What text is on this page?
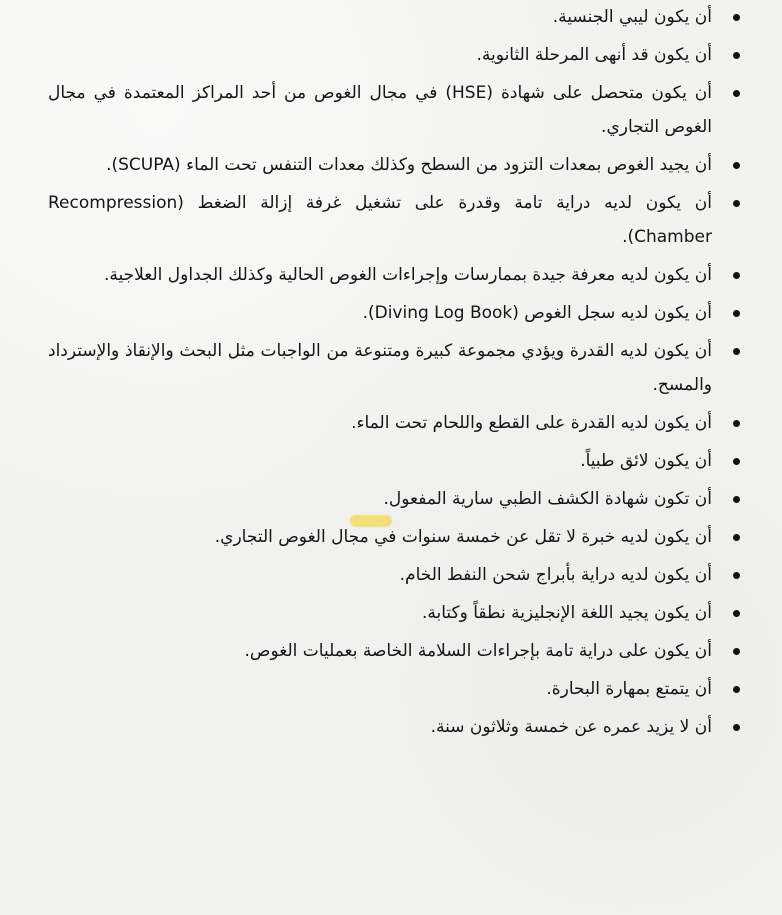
أن يكون ليبي الجنسية.
أن يكون قد أنهى المرحلة الثانوية.
أن يكون متحصل على شهادة (HSE) في مجال الغوص من أحد المراكز المعتمدة في مجال الغوص التجاري.
أن يجيد الغوص بمعدات التزود من السطح وكذلك معدات التنفس تحت الماء (SCUPA).
أن يكون لديه دراية تامة وقدرة على تشغيل غرفة إزالة الضغط (Recompression Chamber).
أن يكون لديه معرفة جيدة بممارسات وإجراءات الغوص الحالية وكذلك الجداول العلاجية.
أن يكون لديه سجل الغوص (Diving Log Book).
أن يكون لديه القدرة ويؤدي مجموعة كبيرة ومتنوعة من الواجبات مثل البحث والإنقاذ والإسترداد والمسح.
أن يكون لديه القدرة على القطع واللحام تحت الماء.
أن يكون لائق طبياً.
أن تكون شهادة الكشف الطبي سارية المفعول.
أن يكون لديه خبرة لا تقل عن خمسة سنوات في مجال الغوص التجاري.
أن يكون لديه دراية بأبراج شحن النفط الخام.
أن يكون يجيد اللغة الإنجليزية نطقاً وكتابة.
أن يكون على دراية تامة بإجراءات السلامة الخاصة بعمليات الغوص.
أن يتمتع بمهارة البحارة.
أن لا يزيد عمره عن خمسة وثلاثون سنة.
